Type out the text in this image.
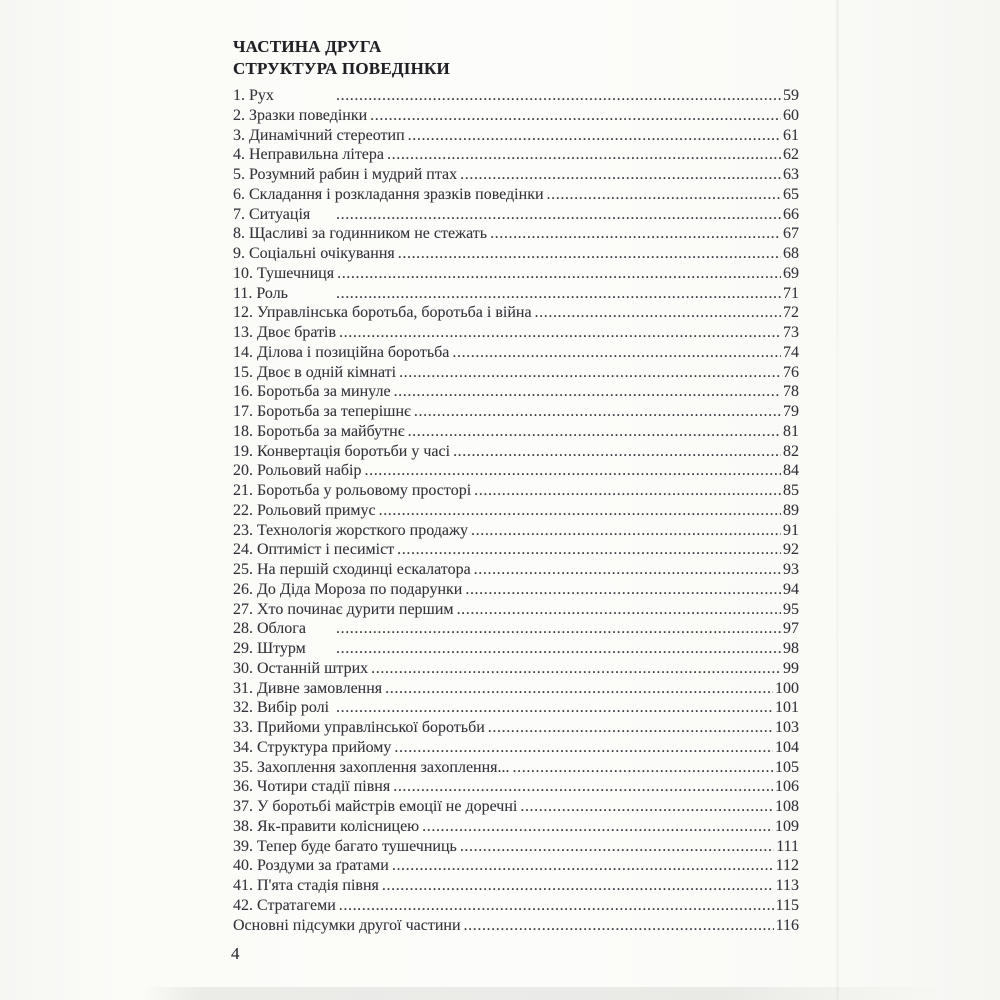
ЧАСТИНА ДРУГА
СТРУКТУРА ПОВЕДІНКИ
1. Рух .....	59
2. Зразки поведінки .....	60
3. Динамічний стереотип .....	61
4. Неправильна літера .....	62
5. Розумний рабин і мудрий птах .....	63
6. Складання і розкладання зразків поведінки .....	65
7. Ситуація .....	66
8. Щасливі за годинником не стежать .....	67
9. Соціальні очікування .....	68
10. Тушечниця .....	69
11. Роль .....	71
12. Управлінська боротьба, боротьба і війна .....	72
13. Двоє братів .....	73
14. Ділова і позиційна боротьба .....	74
15. Двоє в одній кімнаті .....	76
16. Боротьба за минуле .....	78
17. Боротьба за теперішнє .....	79
18. Боротьба за майбутнє .....	81
19. Конвертація боротьби у часі .....	82
20. Рольовий набір .....	84
21. Боротьба у рольовому просторі .....	85
22. Рольовий примус .....	89
23. Технологія жорсткого продажу .....	91
24. Оптиміст і песиміст .....	92
25. На першій сходинці ескалатора .....	93
26. До Діда Мороза по подарунки .....	94
27. Хто починає дурити першим .....	95
28. Облога .....	97
29. Штурм .....	98
30. Останній штрих .....	99
31. Дивне замовлення .....	100
32. Вибір ролі .....	101
33. Прийоми управлінської боротьби .....	103
34. Структура прийому .....	104
35. Захоплення захоплення захоплення... .....	105
36. Чотири стадії півня .....	106
37. У боротьбі майстрів емоції не доречні .....	108
38. Як-правити колісницею .....	109
39. Тепер буде багато тушечниць .....	111
40. Роздуми за ґратами .....	112
41. П'ята стадія півня .....	113
42. Стратагеми .....	115
Основні підсумки другої частини .....	116
4
